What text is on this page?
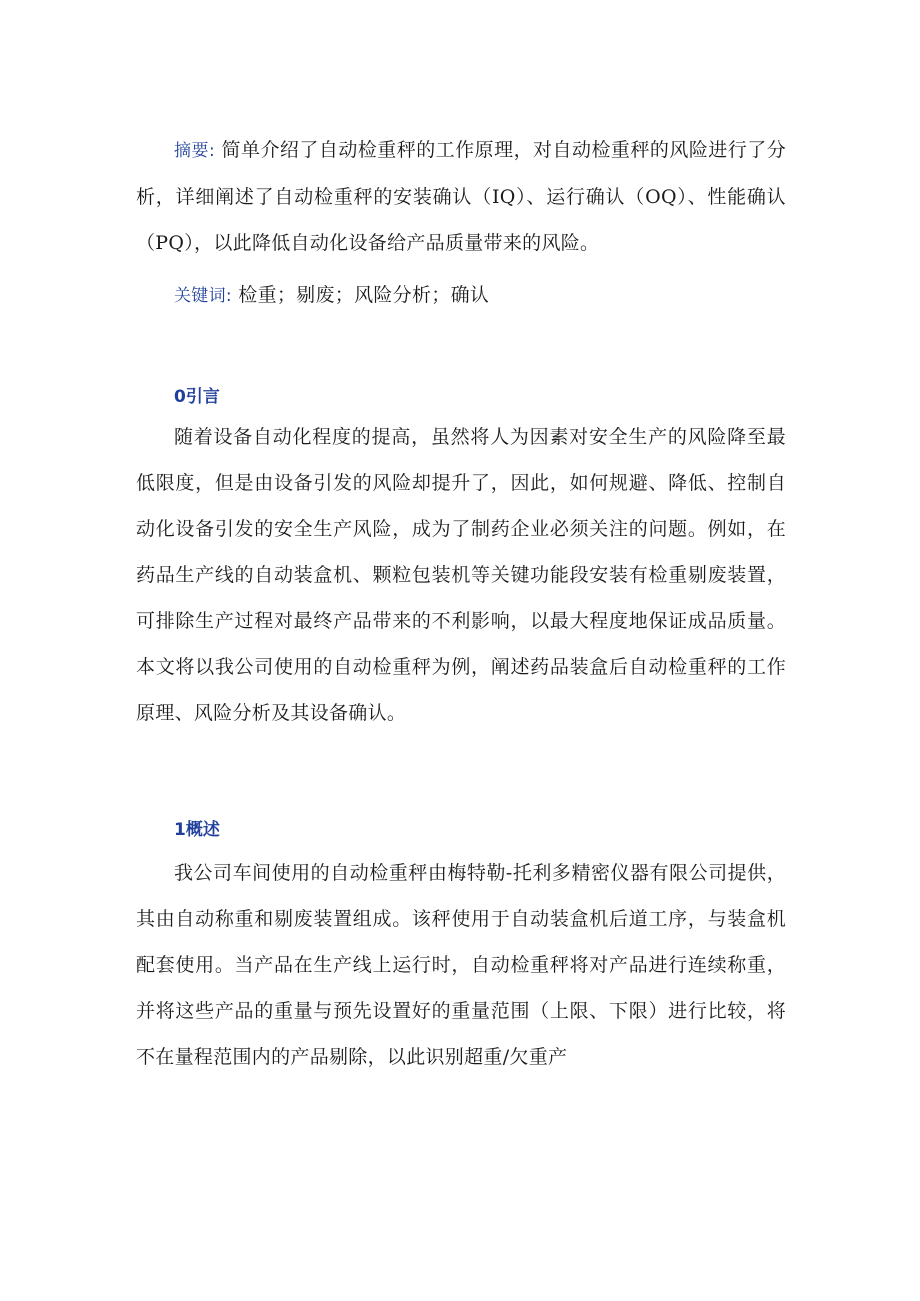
摘要: 简单介绍了自动检重秤的工作原理，对自动检重秤的风险进行了分析，详细阐述了自动检重秤的安装确认（IQ）、运行确认（OQ）、性能确认（PQ），以此降低自动化设备给产品质量带来的风险。

关键词: 检重；剔废；风险分析；确认

0引言

随着设备自动化程度的提高，虽然将人为因素对安全生产的风险降至最低限度，但是由设备引发的风险却提升了，因此，如何规避、降低、控制自动化设备引发的安全生产风险，成为了制药企业必须关注的问题。例如，在药品生产线的自动装盒机、颗粒包装机等关键功能段安装有检重剔废装置，可排除生产过程对最终产品带来的不利影响，以最大程度地保证成品质量。本文将以我公司使用的自动检重秤为例，阐述药品装盒后自动检重秤的工作原理、风险分析及其设备确认。

1概述

我公司车间使用的自动检重秤由梅特勒-托利多精密仪器有限公司提供，其由自动称重和剔废装置组成。该秤使用于自动装盒机后道工序，与装盒机配套使用。当产品在生产线上运行时，自动检重秤将对产品进行连续称重，并将这些产品的重量与预先设置好的重量范围（上限、下限）进行比较，将不在量程范围内的产品剔除，以此识别超重/欠重产
